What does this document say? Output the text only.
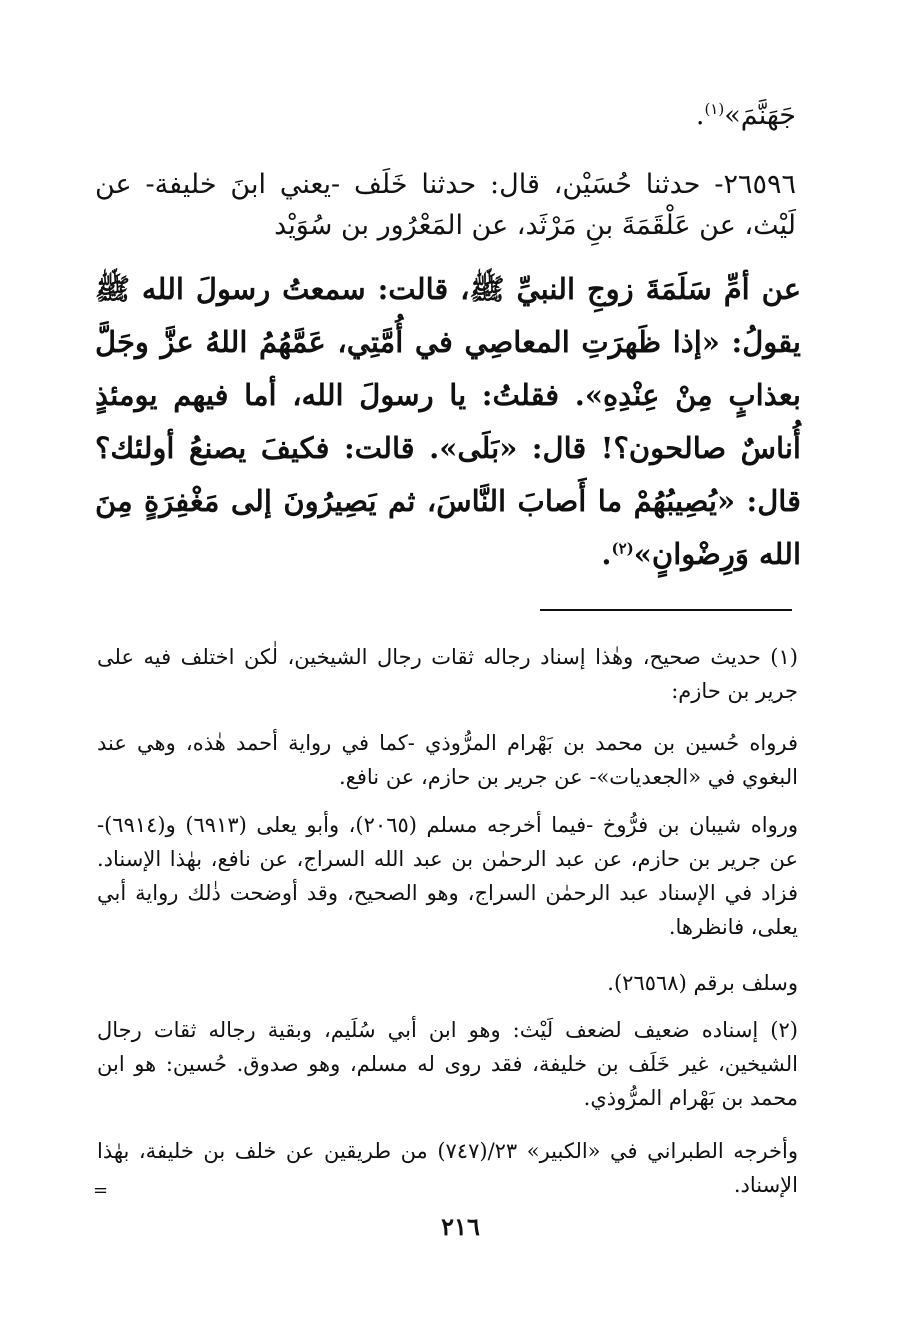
جَهَنَّمَ»$^{(١)}$.

٢٦٥٩٦- حدثنا حُسَيْن، قال: حدثنا خَلَف -يعني ابنَ خليفة- عن لَيْث، عن عَلْقَمَةَ بنِ مَرْثَد، عن المَعْرُور بن سُوَيْد

عن أمِّ سَلَمَةَ زوجِ النبيِّ ﷺ، قالت: سمعتُ رسولَ الله ﷺ يقولُ: «إذا ظَهرَتِ المعاصِي في أُمَّتِي، عَمَّهُمُ اللهُ عزَّ وجَلَّ بعذابٍ مِنْ عِنْدِهِ». فقلتُ: يا رسولَ الله، أما فيهم يومئذٍ أُناسٌ صالحون؟! قال: «بَلَى». قالت: فكيفَ يصنعُ أولئك؟ قال: «يُصِيبُهُمْ ما أَصابَ النَّاسَ، ثم يَصِيرُونَ إلى مَغْفِرَةٍ مِنَ الله وَرِضْوانٍ»$^{(٢)}$.

(١) حديث صحيح، وهٰذا إسناد رجاله ثقات رجال الشيخين، لٰكن اختلف فيه على جرير بن حازم:

فرواه حُسين بن محمد بن بَهْرام المرُّوذي -كما في رواية أحمد هٰذه، وهي عند البغوي في «الجعديات»- عن جرير بن حازم، عن نافع.

ورواه شيبان بن فرُّوخ -فيما أخرجه مسلم (٢٠٦٥)، وأبو يعلى (٦٩١٣) و(٦٩١٤)- عن جرير بن حازم، عن عبد الرحمٰن بن عبد الله السراج، عن نافع، بهٰذا الإسناد. فزاد في الإسناد عبد الرحمٰن السراج، وهو الصحيح، وقد أوضحت ذٰلك رواية أبي يعلى، فانظرها.

وسلف برقم (٢٦٥٦٨).

(٢) إسناده ضعيف لضعف لَيْث: وهو ابن أبي سُلَيم، وبقية رجاله ثقات رجال الشيخين، غير خَلَف بن خليفة، فقد روى له مسلم، وهو صدوق. حُسين: هو ابن محمد بن بَهْرام المرُّوذي.

وأخرجه الطبراني في «الكبير» ٢٣/(٧٤٧) من طريقين عن خلف بن خليفة، بهٰذا الإسناد.

=
٢١٦
